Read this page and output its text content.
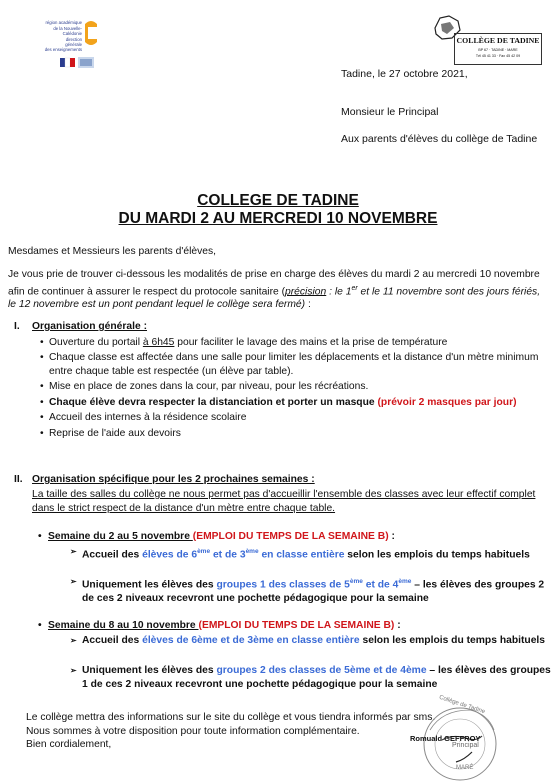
région académique
de la Nouvelle-Calédonie
direction
générale
des enseignements
COLLÈGE DE TADINE
BP 67 · TADINE · MARE
Tél 45 41 33 · Fax 45 42 09
Tadine, le 27 octobre 2021,
Monsieur le Principal
Aux parents d'élèves du collège de Tadine
COLLEGE DE TADINE
DU MARDI 2 AU MERCREDI 10 NOVEMBRE
Mesdames et Messieurs les parents d'élèves,
Je vous prie de trouver ci-dessous les modalités de prise en charge des élèves du mardi 2 au mercredi 10 novembre afin de continuer à assurer le respect du protocole sanitaire (précision : le 1er et le 11 novembre sont des jours fériés, le 12 novembre est un pont pendant lequel le collège sera fermé) :
I. Organisation générale :
• Ouverture du portail à 6h45 pour faciliter le lavage des mains et la prise de température
• Chaque classe est affectée dans une salle pour limiter les déplacements et la distance d'un mètre minimum entre chaque table est respectée (un élève par table).
• Mise en place de zones dans la cour, par niveau, pour les récréations.
• Chaque élève devra respecter la distanciation et porter un masque (prévoir 2 masques par jour)
• Accueil des internes à la résidence scolaire
• Reprise de l'aide aux devoirs
II. Organisation spécifique pour les 2 prochaines semaines :
La taille des salles du collège ne nous permet pas d'accueillir l'ensemble des classes avec leur effectif complet dans le strict respect de la distance d'un mètre entre chaque table.
• Semaine du 2 au 5 novembre (EMPLOI DU TEMPS DE LA SEMAINE B) :
➢ Accueil des élèves de 6ème et de 3ème en classe entière selon les emplois du temps habituels
➢ Uniquement les élèves des groupes 1 des classes de 5ème et de 4ème – les élèves des groupes 2 de ces 2 niveaux recevront une pochette pédagogique pour la semaine
• Semaine du 8 au 10 novembre (EMPLOI DU TEMPS DE LA SEMAINE B) :
➢ Accueil des élèves de 6ème et de 3ème en classe entière selon les emplois du temps habituels
➢ Uniquement les élèves des groupes 2 des classes de 5ème et de 4ème – les élèves des groupes 1 de ces 2 niveaux recevront une pochette pédagogique pour la semaine
Le collège mettra des informations sur le site du collège et vous tiendra informés par sms.
Nous sommes à votre disposition pour toute information complémentaire.
Bien cordialement,
Collège de Tadine
Principal
MARÉ
Romuald GEFFROY
